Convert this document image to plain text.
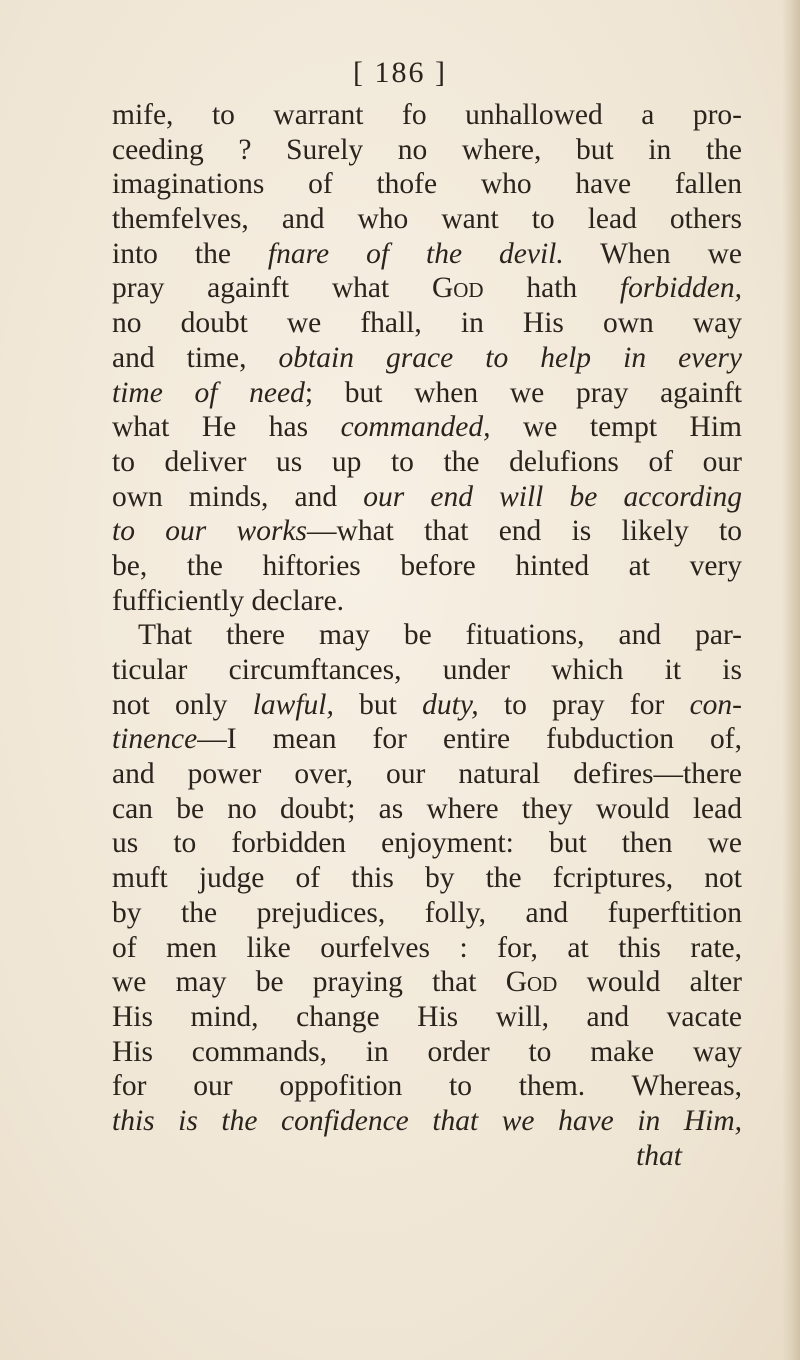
[ 186 ]
mife, to warrant fo unhallowed a pro-
ceeding ? Surely no where, but in the
imaginations of thofe who have fallen
themfelves, and who want to lead others
into the fnare of the devil. When we
pray againft what God hath forbidden,
no doubt we fhall, in His own way
and time, obtain grace to help in every
time of need; but when we pray againft
what He has commanded, we tempt Him
to deliver us up to the delufions of our
own minds, and our end will be according
to our works—what that end is likely to
be, the hiftories before hinted at very
fufficiently declare.
That there may be fituations, and par-
ticular circumftances, under which it is
not only lawful, but duty, to pray for con-
tinence—I mean for entire fubduction of,
and power over, our natural defires—there
can be no doubt; as where they would lead
us to forbidden enjoyment: but then we
muft judge of this by the fcriptures, not
by the prejudices, folly, and fuperftition
of men like ourfelves : for, at this rate,
we may be praying that God would alter
His mind, change His will, and vacate
His commands, in order to make way
for our oppofition to them. Whereas,
this is the confidence that we have in Him,
that
